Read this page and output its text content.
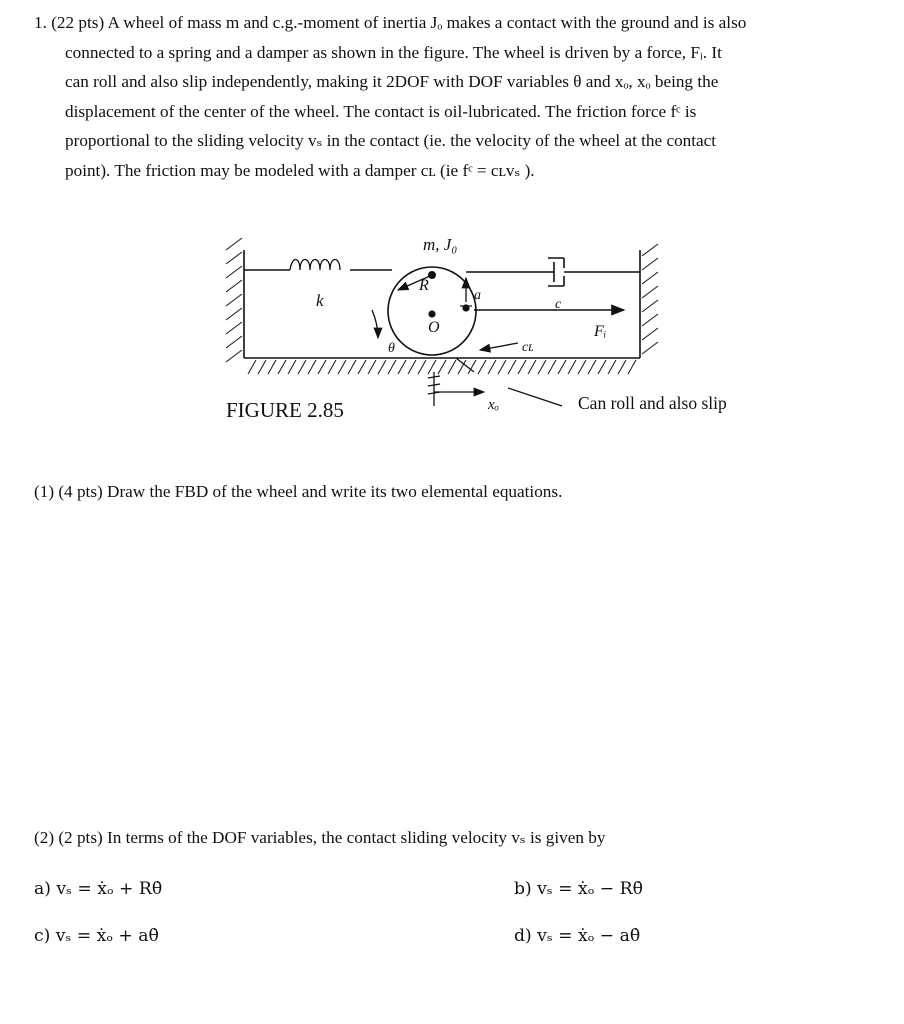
1. (22 pts) A wheel of mass m and c.g.-moment of inertia Jₒ makes a contact with the ground and is also
connected to a spring and a damper as shown in the figure. The wheel is driven by a force, Fᵢ. It
can roll and also slip independently, making it 2DOF with DOF variables θ and xₒ, xₒ being the
displacement of the center of the wheel. The contact is oil-lubricated. The friction force fᶜ is
proportional to the sliding velocity vₛ in the contact (ie. the velocity of the wheel at the contact
point). The friction may be modeled with a damper cʟ (ie fᶜ = cʟvₛ ).
m, J₀
R
a
O
k	c
Fᵢ
θ	cʟ
xₒ
FIGURE 2.85	Can roll and also slip
(1) (4 pts) Draw the FBD of the wheel and write its two elemental equations.
(2) (2 pts) In terms of the DOF variables, the contact sliding velocity vₛ is given by
a) vₛ = ẋₒ + Rθ̇	b) vₛ = ẋₒ − Rθ̇
c) vₛ = ẋₒ + aθ̇	d) vₛ = ẋₒ − aθ̇
